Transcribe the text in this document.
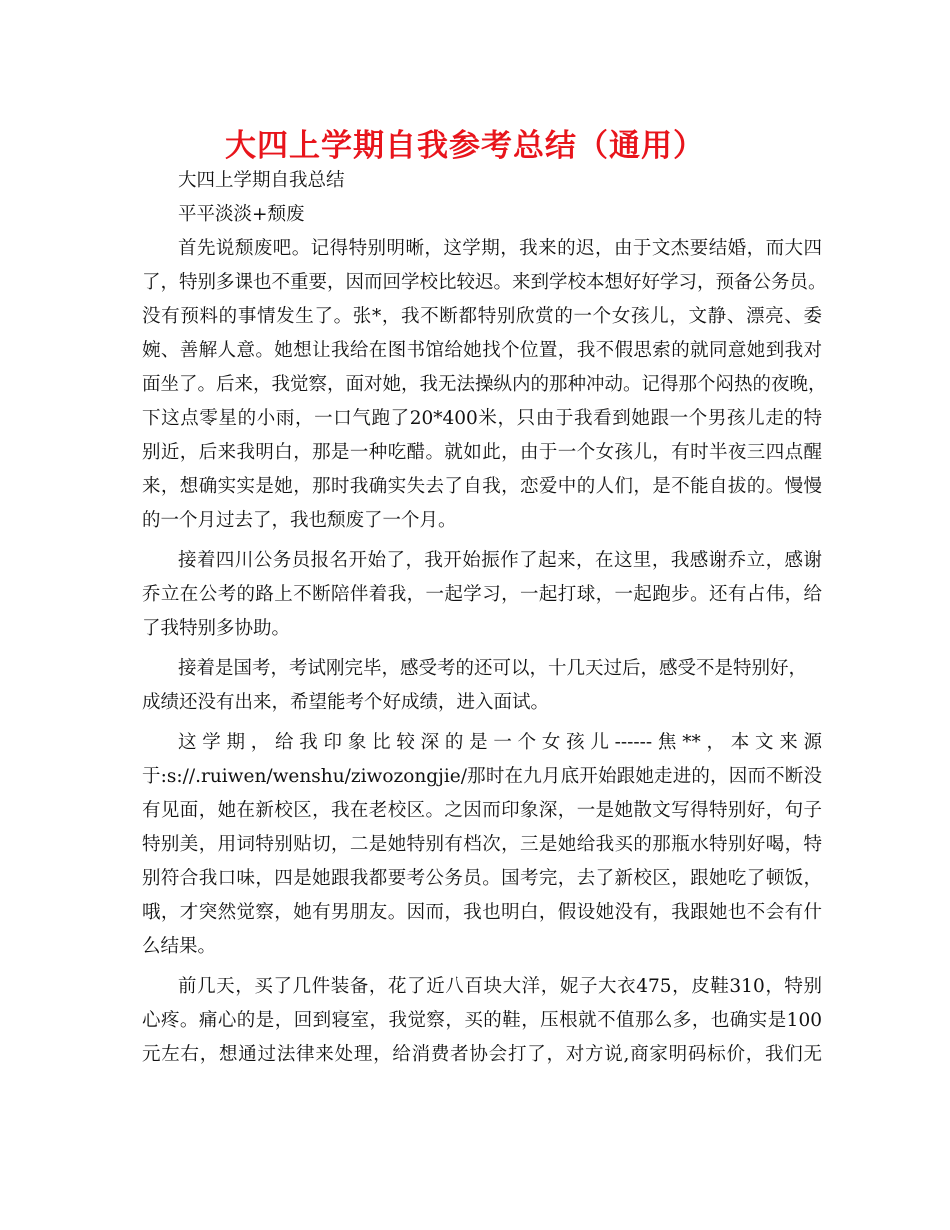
大四上学期自我参考总结（通用）
大四上学期自我总结
平平淡淡+颓废
首先说颓废吧。记得特别明晰，这学期，我来的迟，由于文杰要结婚，而大四
了，特别多课也不重要，因而回学校比较迟。来到学校本想好好学习，预备公务员。
没有预料的事情发生了。张*，我不断都特别欣赏的一个女孩儿，文静、漂亮、委
婉、善解人意。她想让我给在图书馆给她找个位置，我不假思索的就同意她到我对
面坐了。后来，我觉察，面对她，我无法操纵内的那种冲动。记得那个闷热的夜晚，
下这点零星的小雨，一口气跑了20*400米，只由于我看到她跟一个男孩儿走的特
别近，后来我明白，那是一种吃醋。就如此，由于一个女孩儿，有时半夜三四点醒
来，想确实实是她，那时我确实失去了自我，恋爱中的人们，是不能自拔的。慢慢
的一个月过去了，我也颓废了一个月。
接着四川公务员报名开始了，我开始振作了起来，在这里，我感谢乔立，感谢
乔立在公考的路上不断陪伴着我，一起学习，一起打球，一起跑步。还有占伟，给
了我特别多协助。
接着是国考，考试刚完毕，感受考的还可以，十几天过后，感受不是特别好，
成绩还没有出来，希望能考个好成绩，进入面试。
这学期，给我印象比较深的是一个女孩儿------焦**，本文来源
于:s://.ruiwen/wenshu/ziwozongjie/那时在九月底开始跟她走进的，因而不断没
有见面，她在新校区，我在老校区。之因而印象深，一是她散文写得特别好，句子
特别美，用词特别贴切，二是她特别有档次，三是她给我买的那瓶水特别好喝，特
别符合我口味，四是她跟我都要考公务员。国考完，去了新校区，跟她吃了顿饭，
哦，才突然觉察，她有男朋友。因而，我也明白，假设她没有，我跟她也不会有什
么结果。
前几天，买了几件装备，花了近八百块大洋，妮子大衣475，皮鞋310，特别
心疼。痛心的是，回到寝室，我觉察，买的鞋，压根就不值那么多，也确实是100
元左右，想通过法律来处理，给消费者协会打了，对方说,商家明码标价，我们无
